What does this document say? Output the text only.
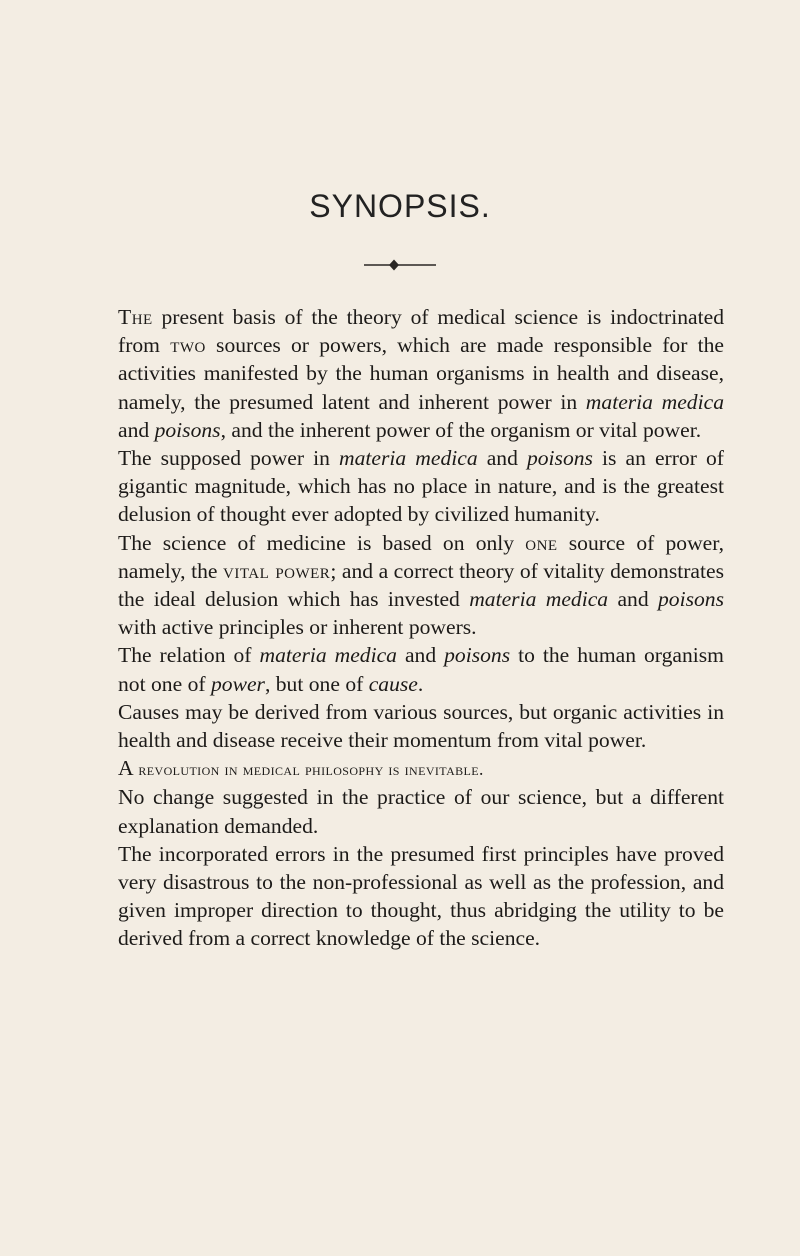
SYNOPSIS.

The present basis of the theory of medical science is indoctrinated from two sources or powers, which are made responsible for the activities manifested by the human organisms in health and disease, namely, the presumed latent and inherent power in materia medica and poisons, and the inherent power of the organism or vital power.

The supposed power in materia medica and poisons is an error of gigantic magnitude, which has no place in nature, and is the greatest delusion of thought ever adopted by civilized humanity.

The science of medicine is based on only one source of power, namely, the vital power; and a correct theory of vitality demonstrates the ideal delusion which has invested materia medica and poisons with active principles or inherent powers.

The relation of materia medica and poisons to the human organism not one of power, but one of cause.

Causes may be derived from various sources, but organic activities in health and disease receive their momentum from vital power.

A revolution in medical philosophy is inevitable.

No change suggested in the practice of our science, but a different explanation demanded.

The incorporated errors in the presumed first principles have proved very disastrous to the non-professional as well as the profession, and given improper direction to thought, thus abridging the utility to be derived from a correct knowledge of the science.
